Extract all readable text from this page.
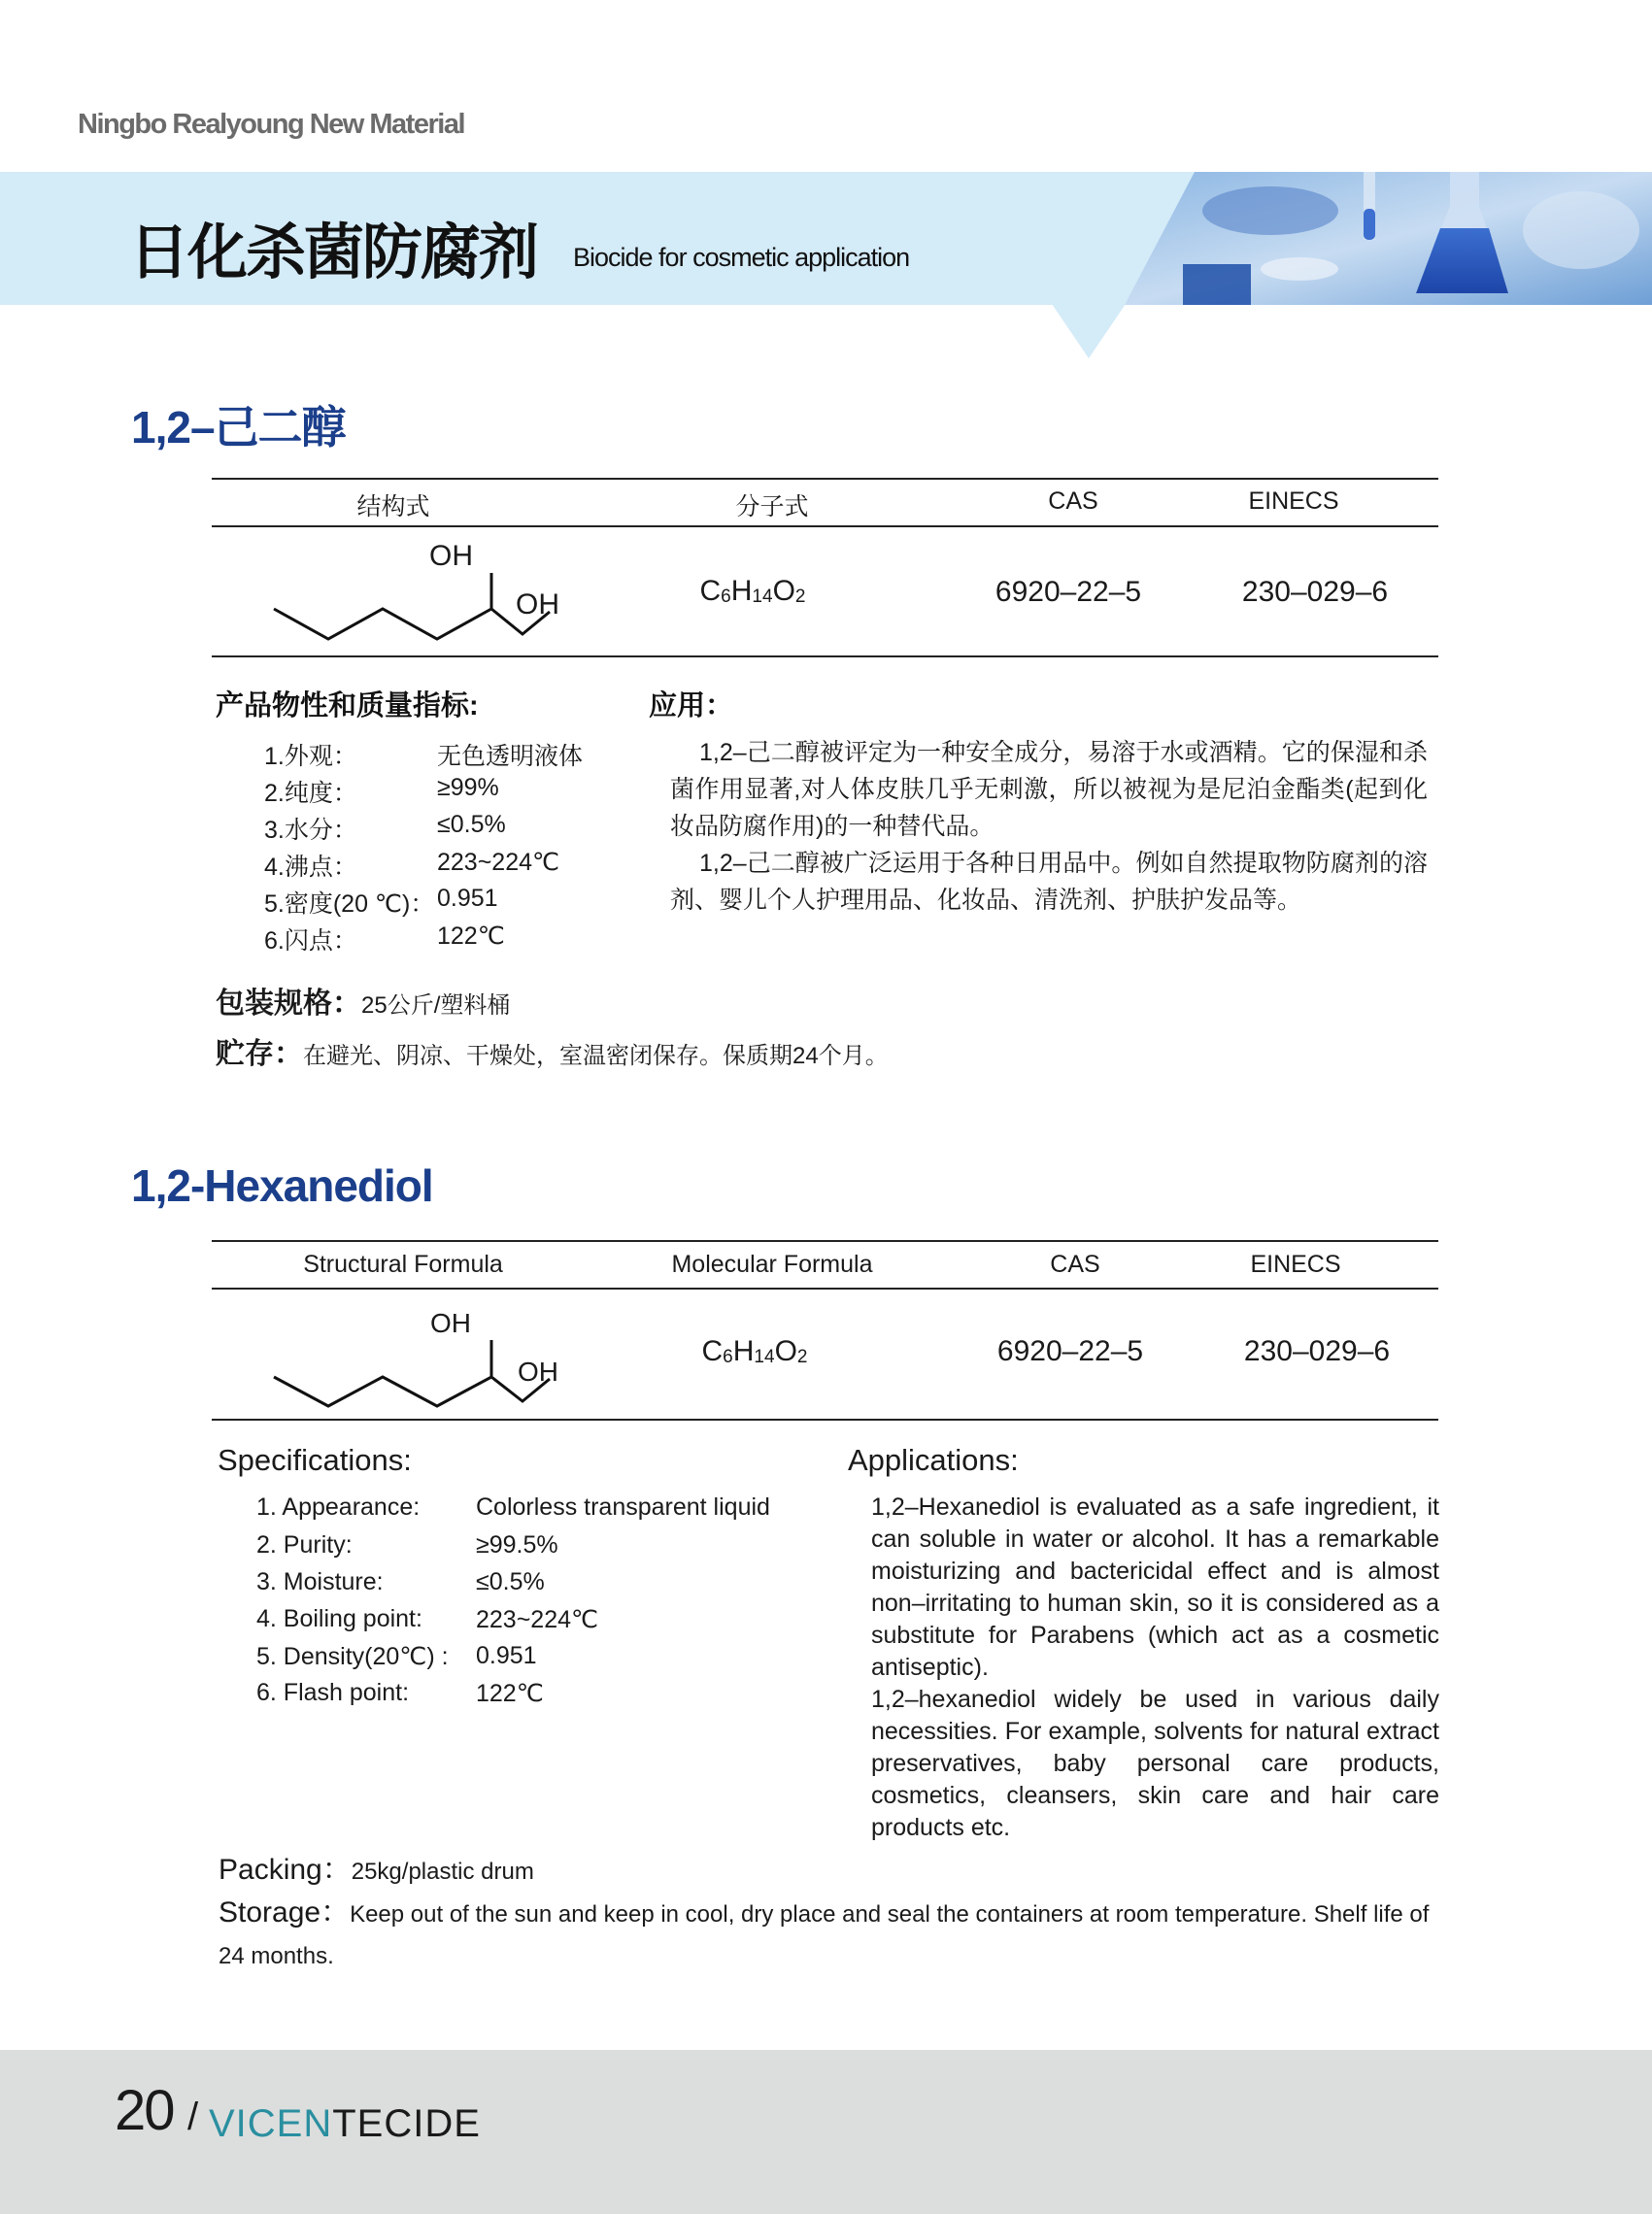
Ningbo Realyoung New Material
日化杀菌防腐剂 Biocide for cosmetic application
1,2–己二醇
结构式	分子式	CAS	EINECS
OH
OH	$C_6H_{14}O_2$	6920–22–5	230–029–6
产品物性和质量指标:	应用：
1.外观：	无色透明液体
2.纯度：	≥99%
3.水分：	≤0.5%
4.沸点：	223~224℃
5.密度(20 ℃)： 0.951
6.闪点：	122℃
1,2–己二醇被评定为一种安全成分，易溶于水或酒精。它的保湿和杀菌作用显著,对人体皮肤几乎无刺激，所以被视为是尼泊金酯类(起到化妆品防腐作用)的一种替代品。
1,2–己二醇被广泛运用于各种日用品中。例如自然提取物防腐剂的溶剂、婴儿个人护理用品、化妆品、清洗剂、护肤护发品等。
包装规格：25公斤/塑料桶
贮存：在避光、阴凉、干燥处，室温密闭保存。保质期24个月。
1,2-Hexanediol
Structural Formula	Molecular Formula	CAS	EINECS
OH
OH
$C_6H_{14}O_2$	6920–22–5	230–029–6
Specifications:	Applications:
1. Appearance: Colorless transparent liquid
2. Purity:	≥99.5%
3. Moisture:	≤0.5%
4. Boiling point: 223~224℃
5. Density(20℃) : 0.951
6. Flash point:	122℃
1,2–Hexanediol is evaluated as a safe ingredient, it can soluble in water or alcohol. It has a remarkable moisturizing and bactericidal effect and is almost non–irritating to human skin, so it is considered as a substitute for Parabens (which act as a cosmetic antiseptic).
1,2–hexanediol widely be used in various daily necessities. For example, solvents for natural extract preservatives, baby personal care products, cosmetics, cleansers, skin care and hair care products etc.
Packing：25kg/plastic drum
Storage：Keep out of the sun and keep in cool, dry place and seal the containers at room temperature. Shelf life of 24 months.
20 / VICENTECIDE
